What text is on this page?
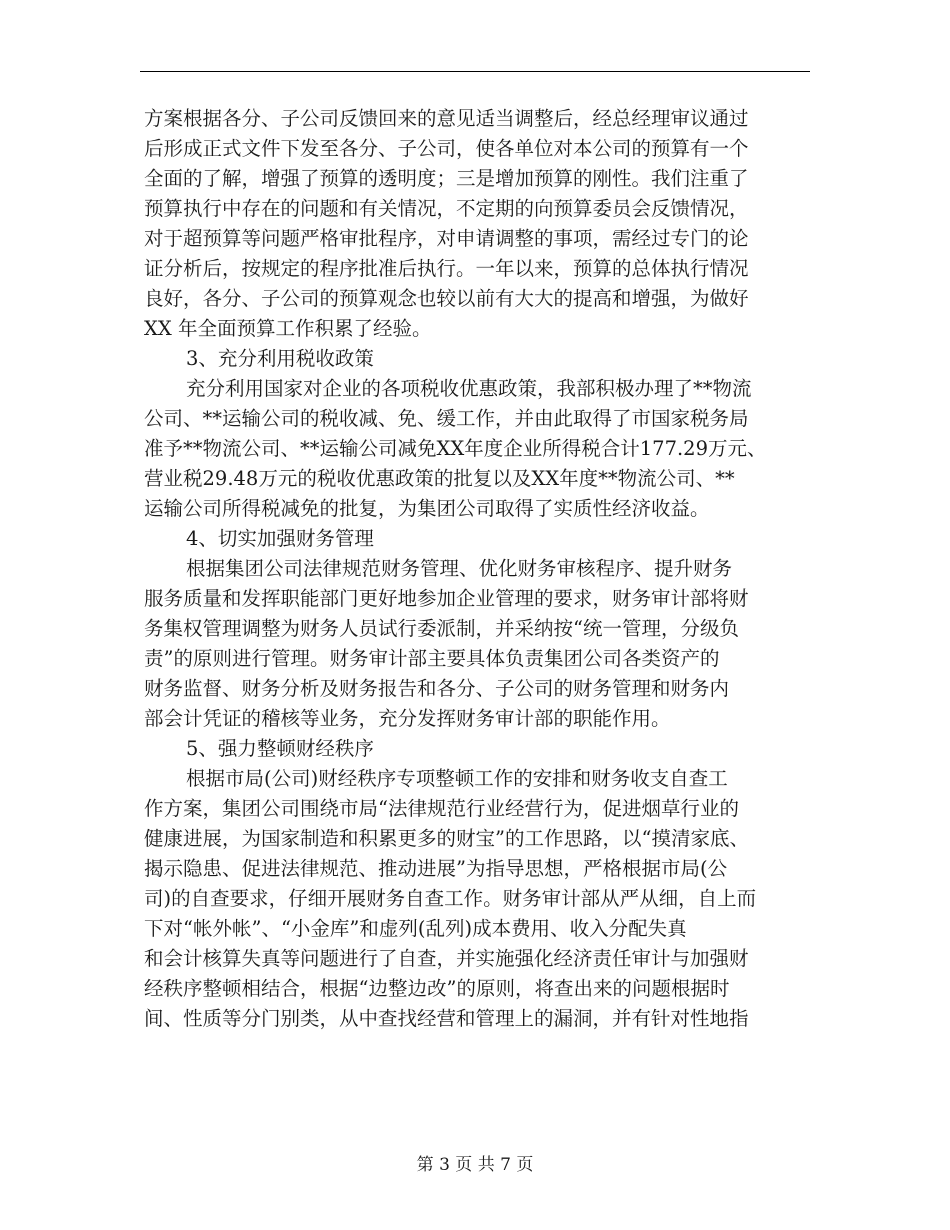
方案根据各分、子公司反馈回来的意见适当调整后，经总经理审议通过
后形成正式文件下发至各分、子公司，使各单位对本公司的预算有一个
全面的了解，增强了预算的透明度；三是增加预算的刚性。我们注重了
预算执行中存在的问题和有关情况，不定期的向预算委员会反馈情况，
对于超预算等问题严格审批程序，对申请调整的事项，需经过专门的论
证分析后，按规定的程序批准后执行。一年以来，预算的总体执行情况
良好，各分、子公司的预算观念也较以前有大大的提高和增强，为做好
XX 年全面预算工作积累了经验。
3、充分利用税收政策
充分利用国家对企业的各项税收优惠政策，我部积极办理了**物流
公司、**运输公司的税收减、免、缓工作，并由此取得了市国家税务局
准予**物流公司、**运输公司减免XX年度企业所得税合计177.29万元、
营业税29.48万元的税收优惠政策的批复以及XX年度**物流公司、**
运输公司所得税减免的批复，为集团公司取得了实质性经济收益。
4、切实加强财务管理
根据集团公司法律规范财务管理、优化财务审核程序、提升财务
服务质量和发挥职能部门更好地参加企业管理的要求，财务审计部将财
务集权管理调整为财务人员试行委派制，并采纳按“统一管理，分级负
责”的原则进行管理。财务审计部主要具体负责集团公司各类资产的
财务监督、财务分析及财务报告和各分、子公司的财务管理和财务内
部会计凭证的稽核等业务，充分发挥财务审计部的职能作用。
5、强力整顿财经秩序
根据市局(公司)财经秩序专项整顿工作的安排和财务收支自查工
作方案，集团公司围绕市局“法律规范行业经营行为，促进烟草行业的
健康进展，为国家制造和积累更多的财宝”的工作思路，以“摸清家底、
揭示隐患、促进法律规范、推动进展”为指导思想，严格根据市局(公
司)的自查要求，仔细开展财务自查工作。财务审计部从严从细，自上而
下对“帐外帐”、“小金库”和虚列(乱列)成本费用、收入分配失真
和会计核算失真等问题进行了自查，并实施强化经济责任审计与加强财
经秩序整顿相结合，根据“边整边改”的原则，将查出来的问题根据时
间、性质等分门别类，从中查找经营和管理上的漏洞，并有针对性地指
第 3 页 共 7 页
